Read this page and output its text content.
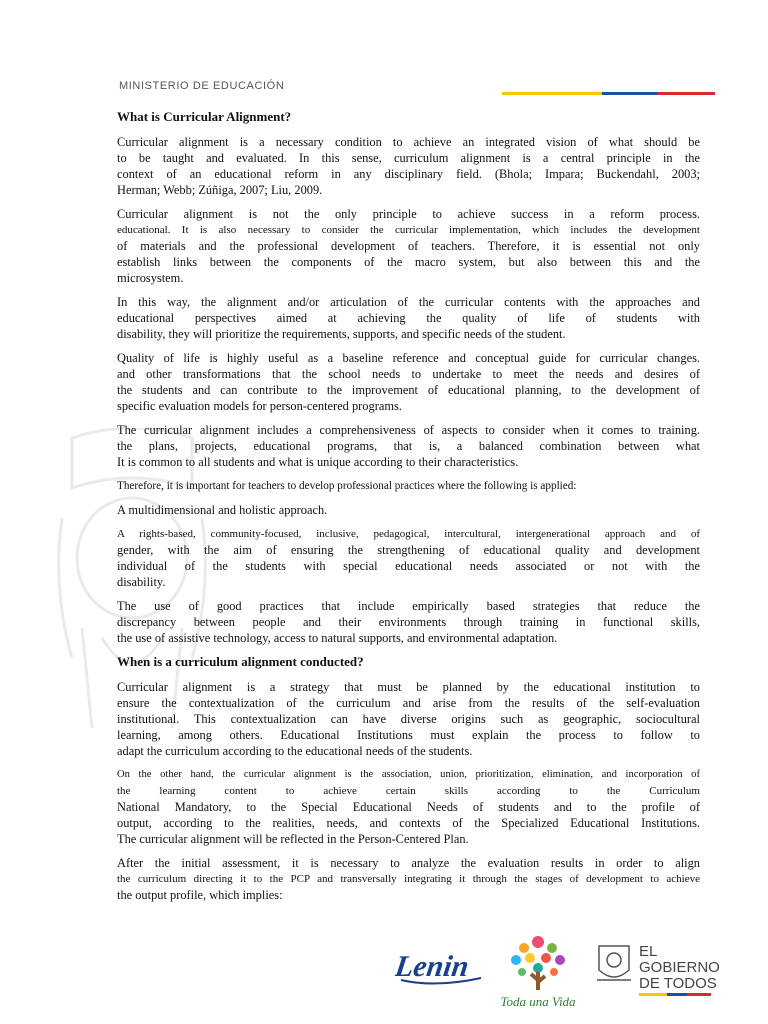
MINISTERIO DE EDUCACIÓN
What is Curricular Alignment?

Curricular alignment is a necessary condition to achieve an integrated vision of what should be
to be taught and evaluated. In this sense, curriculum alignment is a central principle in the
context of an educational reform in any disciplinary field. (Bhola; Impara; Buckendahl, 2003;
Herman; Webb; Zúñiga, 2007; Liu, 2009.

Curricular alignment is not the only principle to achieve success in a reform process.
educational. It is also necessary to consider the curricular implementation, which includes the development
of materials and the professional development of teachers. Therefore, it is essential not only
establish links between the components of the macro system, but also between this and the
microsystem.

In this way, the alignment and/or articulation of the curricular contents with the approaches and
educational perspectives aimed at achieving the quality of life of students with
disability, they will prioritize the requirements, supports, and specific needs of the student.

Quality of life is highly useful as a baseline reference and conceptual guide for curricular changes.
and other transformations that the school needs to undertake to meet the needs and desires of
the students and can contribute to the improvement of educational planning, to the development of
specific evaluation models for person-centered programs.

The curricular alignment includes a comprehensiveness of aspects to consider when it comes to training.
the plans, projects, educational programs, that is, a balanced combination between what
It is common to all students and what is unique according to their characteristics.

Therefore, it is important for teachers to develop professional practices where the following is applied:

A multidimensional and holistic approach.

A rights-based, community-focused, inclusive, pedagogical, intercultural, intergenerational approach and of
gender, with the aim of ensuring the strengthening of educational quality and development
individual of the students with special educational needs associated or not with the
disability.

The use of good practices that include empirically based strategies that reduce the
discrepancy between people and their environments through training in functional skills,
the use of assistive technology, access to natural supports, and environmental adaptation.

When is a curriculum alignment conducted?

Curricular alignment is a strategy that must be planned by the educational institution to
ensure the contextualization of the curriculum and arise from the results of the self-evaluation
institutional. This contextualization can have diverse origins such as geographic, sociocultural
learning, among others. Educational Institutions must explain the process to follow to
adapt the curriculum according to the educational needs of the students.

On the other hand, the curricular alignment is the association, union, prioritization, elimination, and incorporation of
the learning content to achieve certain skills according to the Curriculum
National Mandatory, to the Special Educational Needs of students and to the profile of
output, according to the realities, needs, and contexts of the Specialized Educational Institutions.
The curricular alignment will be reflected in the Person-Centered Plan.

After the initial assessment, it is necessary to analyze the evaluation results in order to align
the curriculum directing it to the PCP and transversally integrating it through the stages of development to achieve
the output profile, which implies:

Lenin
Toda una Vida
EL
GOBIERNO
DE TODOS
